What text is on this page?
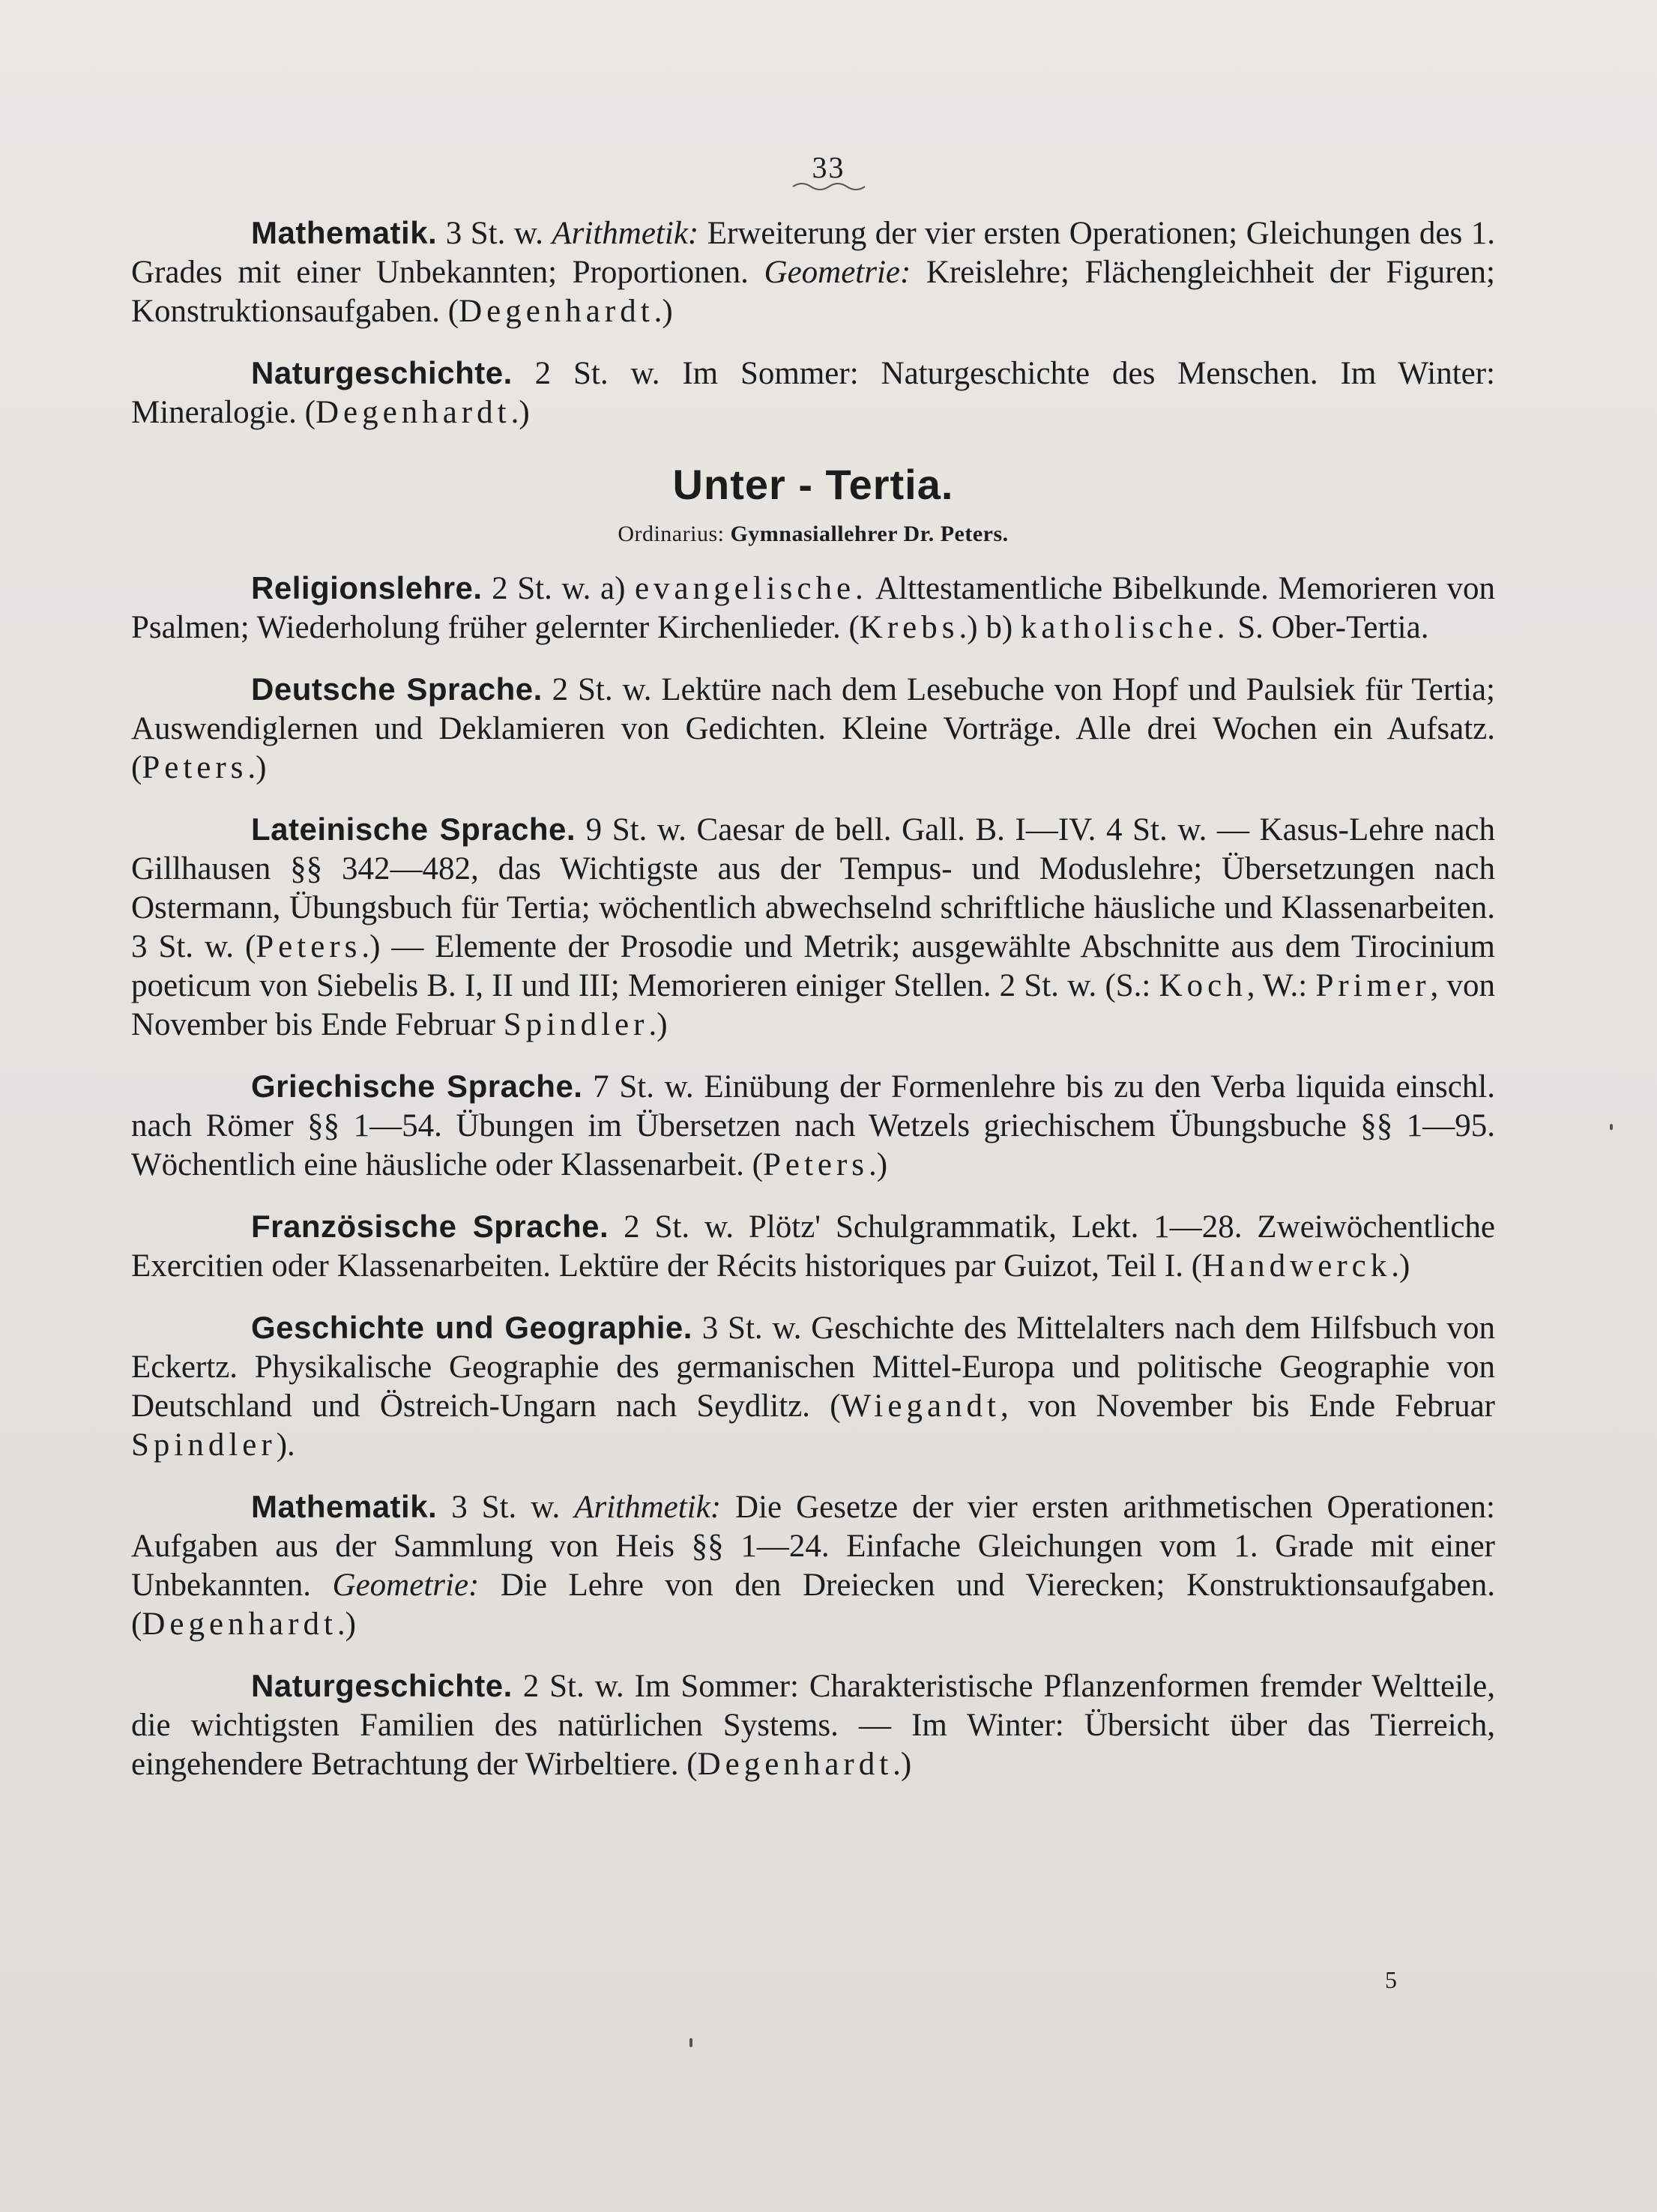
33

Mathematik. 3 St. w. Arithmetik: Erweiterung der vier ersten Operationen; Gleichungen des 1. Grades mit einer Unbekannten; Proportionen. Geometrie: Kreislehre; Flächengleichheit der Figuren; Konstruktionsaufgaben. (Degenhardt.)

Naturgeschichte. 2 St. w. Im Sommer: Naturgeschichte des Menschen. Im Winter: Mineralogie. (Degenhardt.)

Unter - Tertia.
Ordinarius: Gymnasiallehrer Dr. Peters.

Religionslehre. 2 St. w. a) evangelische. Alttestamentliche Bibelkunde. Memorieren von Psalmen; Wiederholung früher gelernter Kirchenlieder. (Krebs.) b) katholische. S. Ober-Tertia.

Deutsche Sprache. 2 St. w. Lektüre nach dem Lesebuche von Hopf und Paulsiek für Tertia; Auswendiglernen und Deklamieren von Gedichten. Kleine Vorträge. Alle drei Wochen ein Aufsatz. (Peters.)

Lateinische Sprache. 9 St. w. Caesar de bell. Gall. B. I—IV. 4 St. w. — Kasus-Lehre nach Gillhausen §§ 342—482, das Wichtigste aus der Tempus- und Moduslehre; Übersetzungen nach Ostermann, Übungsbuch für Tertia; wöchentlich abwechselnd schriftliche häusliche und Klassenarbeiten. 3 St. w. (Peters.) — Elemente der Prosodie und Metrik; ausgewählte Abschnitte aus dem Tirocinium poeticum von Siebelis B. I, II und III; Memorieren einiger Stellen. 2 St. w. (S.: Koch, W.: Primer, von November bis Ende Februar Spindler.)

Griechische Sprache. 7 St. w. Einübung der Formenlehre bis zu den Verba liquida einschl. nach Römer §§ 1—54. Übungen im Übersetzen nach Wetzels griechischem Übungsbuche §§ 1—95. Wöchentlich eine häusliche oder Klassenarbeit. (Peters.)

Französische Sprache. 2 St. w. Plötz' Schulgrammatik, Lekt. 1—28. Zweiwöchentliche Exercitien oder Klassenarbeiten. Lektüre der Récits historiques par Guizot, Teil I. (Handwerck.)

Geschichte und Geographie. 3 St. w. Geschichte des Mittelalters nach dem Hilfsbuch von Eckertz. Physikalische Geographie des germanischen Mittel-Europa und politische Geographie von Deutschland und Östreich-Ungarn nach Seydlitz. (Wiegandt, von November bis Ende Februar Spindler).

Mathematik. 3 St. w. Arithmetik: Die Gesetze der vier ersten arithmetischen Operationen: Aufgaben aus der Sammlung von Heis §§ 1—24. Einfache Gleichungen vom 1. Grade mit einer Unbekannten. Geometrie: Die Lehre von den Dreiecken und Vierecken; Konstruktionsaufgaben. (Degenhardt.)

Naturgeschichte. 2 St. w. Im Sommer: Charakteristische Pflanzenformen fremder Weltteile, die wichtigsten Familien des natürlichen Systems. — Im Winter: Übersicht über das Tierreich, eingehendere Betrachtung der Wirbeltiere. (Degenhardt.)

5
